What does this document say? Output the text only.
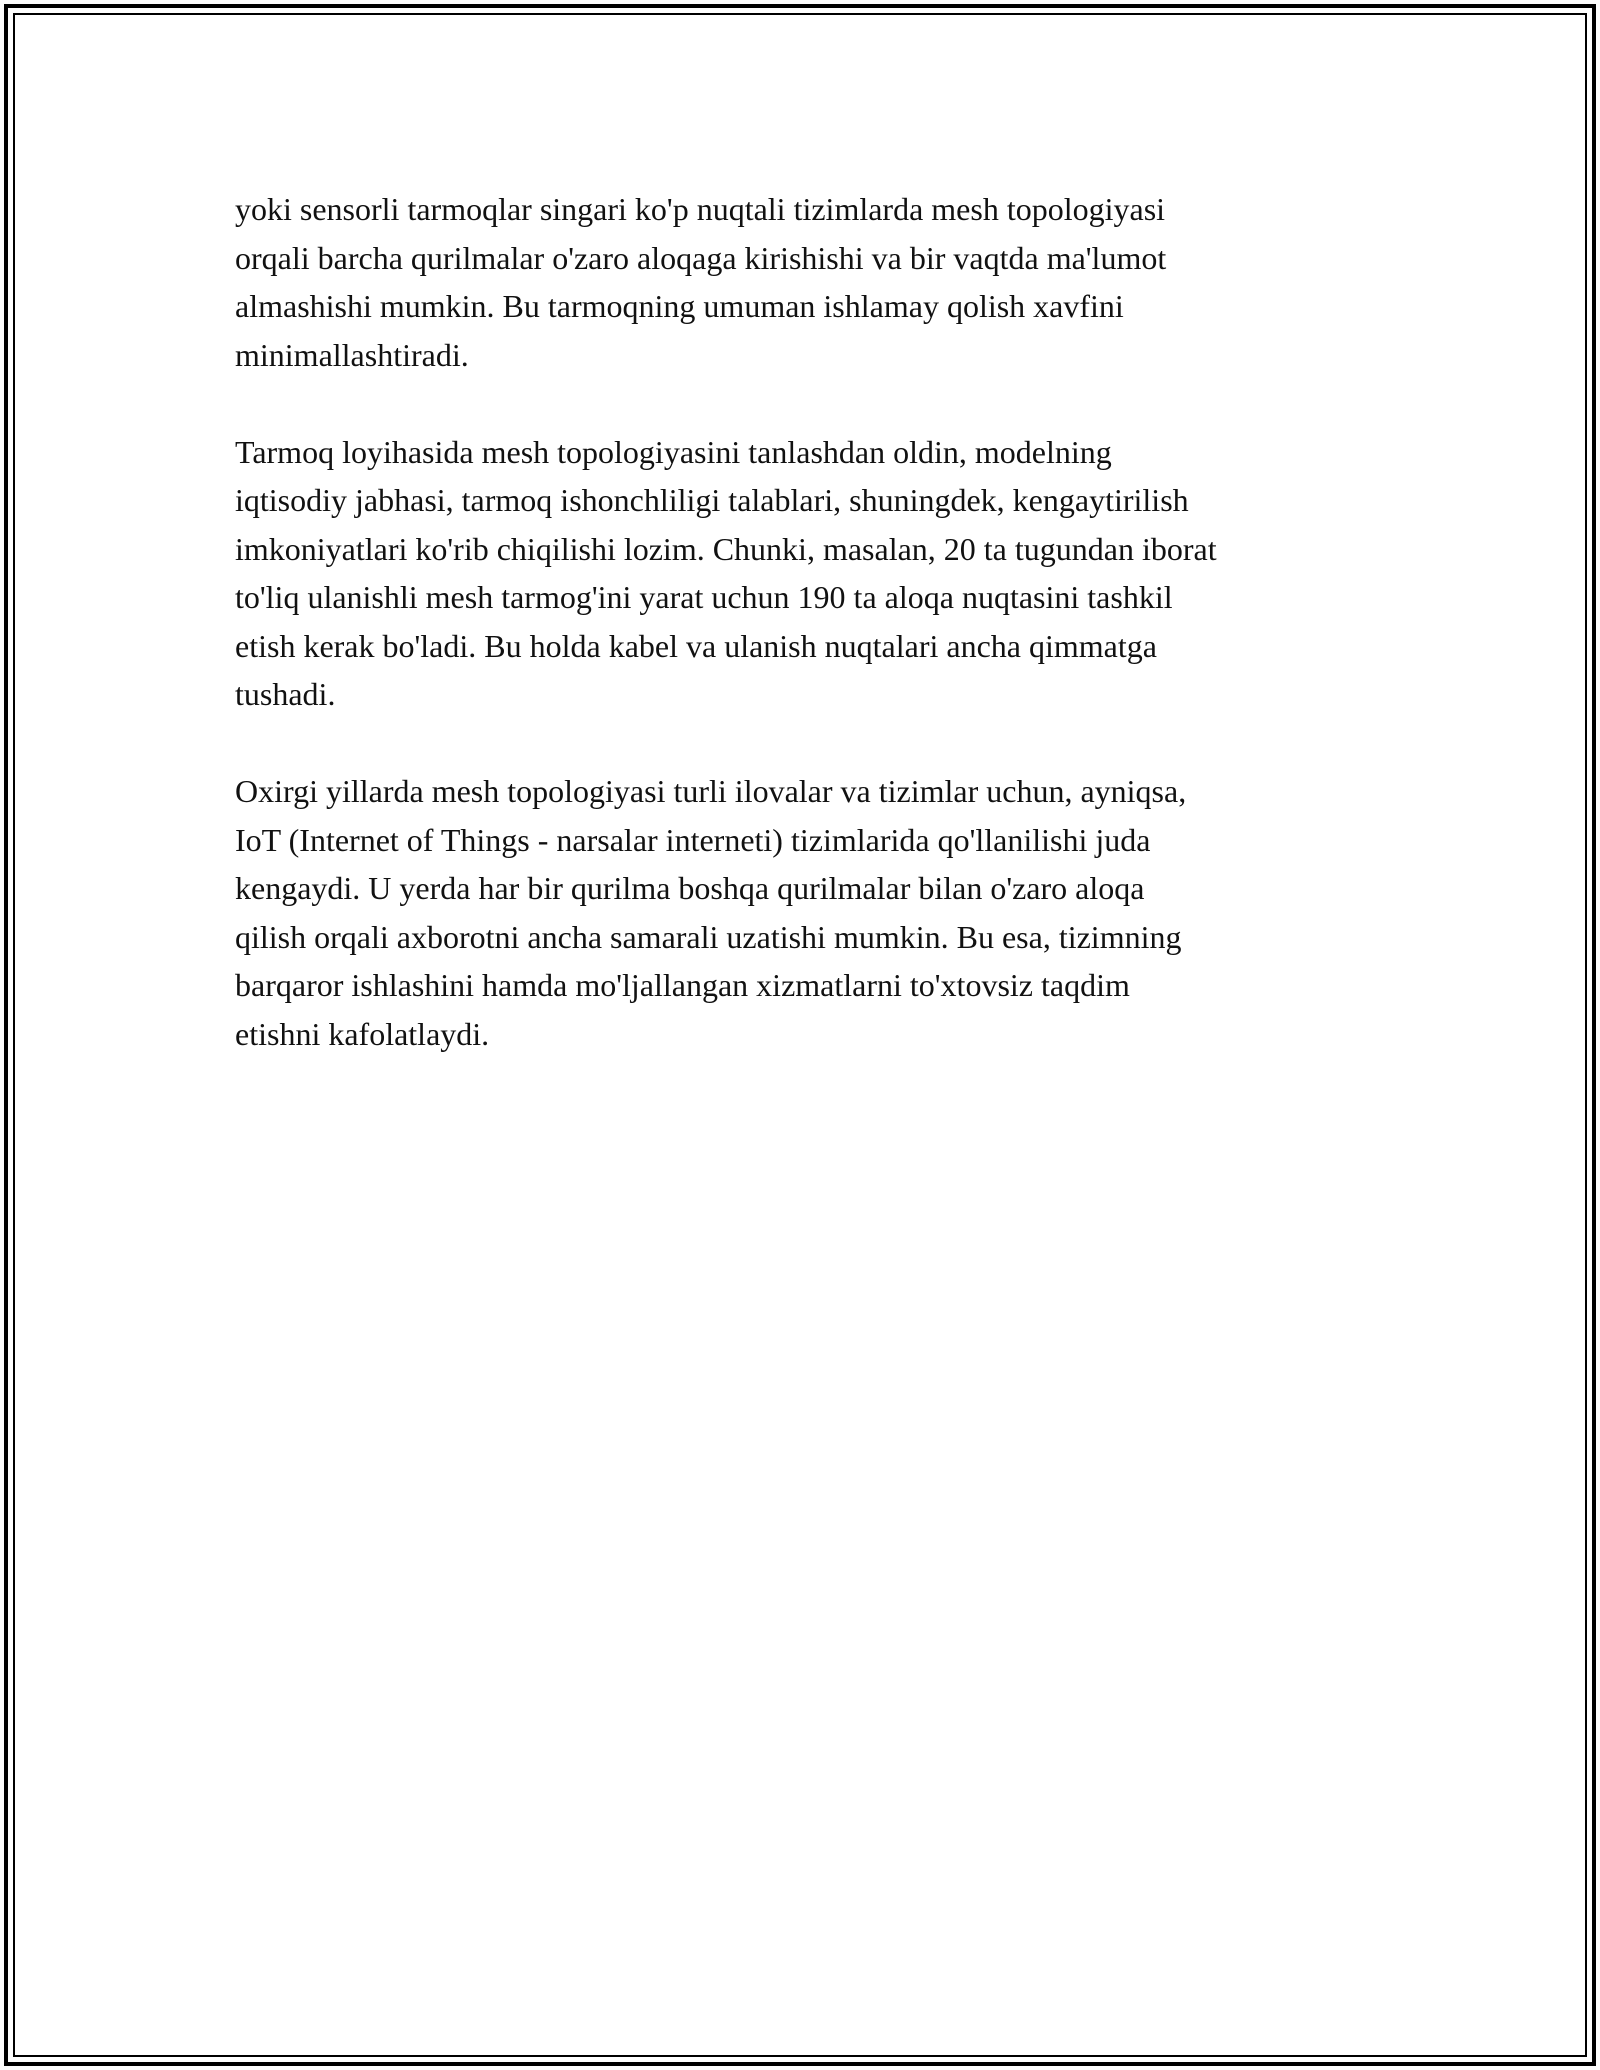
yoki sensorli tarmoqlar singari ko'p nuqtali tizimlarda mesh topologiyasi
orqali barcha qurilmalar o'zaro aloqaga kirishishi va bir vaqtda ma'lumot
almashishi mumkin. Bu tarmoqning umuman ishlamay qolish xavfini
minimallashtiradi.

Tarmoq loyihasida mesh topologiyasini tanlashdan oldin, modelning
iqtisodiy jabhasi, tarmoq ishonchliligi talablari, shuningdek, kengaytirilish
imkoniyatlari ko'rib chiqilishi lozim. Chunki, masalan, 20 ta tugundan iborat
to'liq ulanishli mesh tarmog'ini yarat uchun 190 ta aloqa nuqtasini tashkil
etish kerak bo'ladi. Bu holda kabel va ulanish nuqtalari ancha qimmatga
tushadi.

Oxirgi yillarda mesh topologiyasi turli ilovalar va tizimlar uchun, ayniqsa,
IoT (Internet of Things - narsalar interneti) tizimlarida qo'llanilishi juda
kengaydi. U yerda har bir qurilma boshqa qurilmalar bilan o'zaro aloqa
qilish orqali axborotni ancha samarali uzatishi mumkin. Bu esa, tizimning
barqaror ishlashini hamda mo'ljallangan xizmatlarni to'xtovsiz taqdim
etishni kafolatlaydi.
